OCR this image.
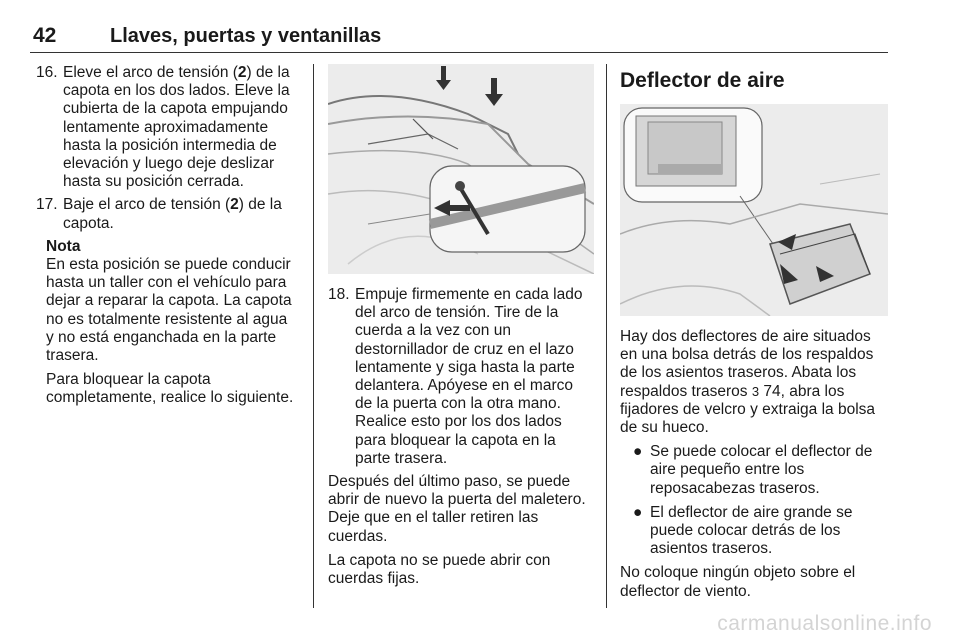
42	Llaves, puertas y ventanillas
16. Eleve el arco de tensión (2) de la capota en los dos lados. Eleve la cubierta de la capota empujando lentamente aproximadamente hasta la posición intermedia de elevación y luego deje deslizar hasta su posición cerrada.
17. Baje el arco de tensión (2) de la capota.
Nota
En esta posición se puede conducir hasta un taller con el vehículo para dejar a reparar la capota. La capota no es totalmente resistente al agua y no está enganchada en la parte trasera.
Para bloquear la capota completamente, realice lo siguiente.
18. Empuje firmemente en cada lado del arco de tensión. Tire de la cuerda a la vez con un destornillador de cruz en el lazo lentamente y siga hasta la parte delantera. Apóyese en el marco de la puerta con la otra mano. Realice esto por los dos lados para bloquear la capota en la parte trasera.
Después del último paso, se puede abrir de nuevo la puerta del maletero. Deje que en el taller retiren las cuerdas.
La capota no se puede abrir con cuerdas fijas.
Deflector de aire
Hay dos deflectores de aire situados en una bolsa detrás de los respaldos de los asientos traseros. Abata los respaldos traseros 3 74, abra los fijadores de velcro y extraiga la bolsa de su hueco.
● Se puede colocar el deflector de aire pequeño entre los reposacabezas traseros.
● El deflector de aire grande se puede colocar detrás de los asientos traseros.
No coloque ningún objeto sobre el deflector de viento.
carmanualsonline.info
